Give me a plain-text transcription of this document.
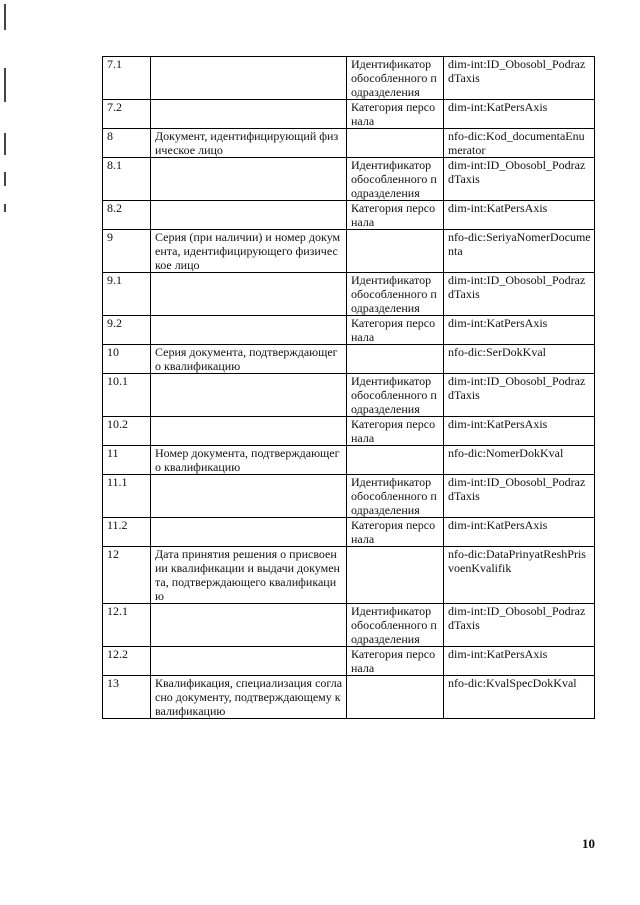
7.1		Идентификатор обособленного подразделения	dim-int:ID_Obosobl_PodrazdTaxis
7.2		Категория персонала	dim-int:KatPersAxis
8	Документ, идентифицирующий физическое лицо		nfo-dic:Kod_documentaEnumerator
8.1		Идентификатор обособленного подразделения	dim-int:ID_Obosobl_PodrazdTaxis
8.2		Категория персонала	dim-int:KatPersAxis
9	Серия (при наличии) и номер документа, идентифицирующего физическое лицо		nfo-dic:SeriyaNomerDocumenta
9.1		Идентификатор обособленного подразделения	dim-int:ID_Obosobl_PodrazdTaxis
9.2		Категория персонала	dim-int:KatPersAxis
10	Серия документа, подтверждающего квалификацию		nfo-dic:SerDokKval
10.1		Идентификатор обособленного подразделения	dim-int:ID_Obosobl_PodrazdTaxis
10.2		Категория персонала	dim-int:KatPersAxis
11	Номер документа, подтверждающего квалификацию		nfo-dic:NomerDokKval
11.1		Идентификатор обособленного подразделения	dim-int:ID_Obosobl_PodrazdTaxis
11.2		Категория персонала	dim-int:KatPersAxis
12	Дата принятия решения о присвоении квалификации и выдачи документа, подтверждающего квалификацию		nfo-dic:DataPrinyatReshPrisvoenKvalifik
12.1		Идентификатор обособленного подразделения	dim-int:ID_Obosobl_PodrazdTaxis
12.2		Категория персонала	dim-int:KatPersAxis
13	Квалификация, специализация согласно документу, подтверждающему квалификацию		nfo-dic:KvalSpecDokKval
10
